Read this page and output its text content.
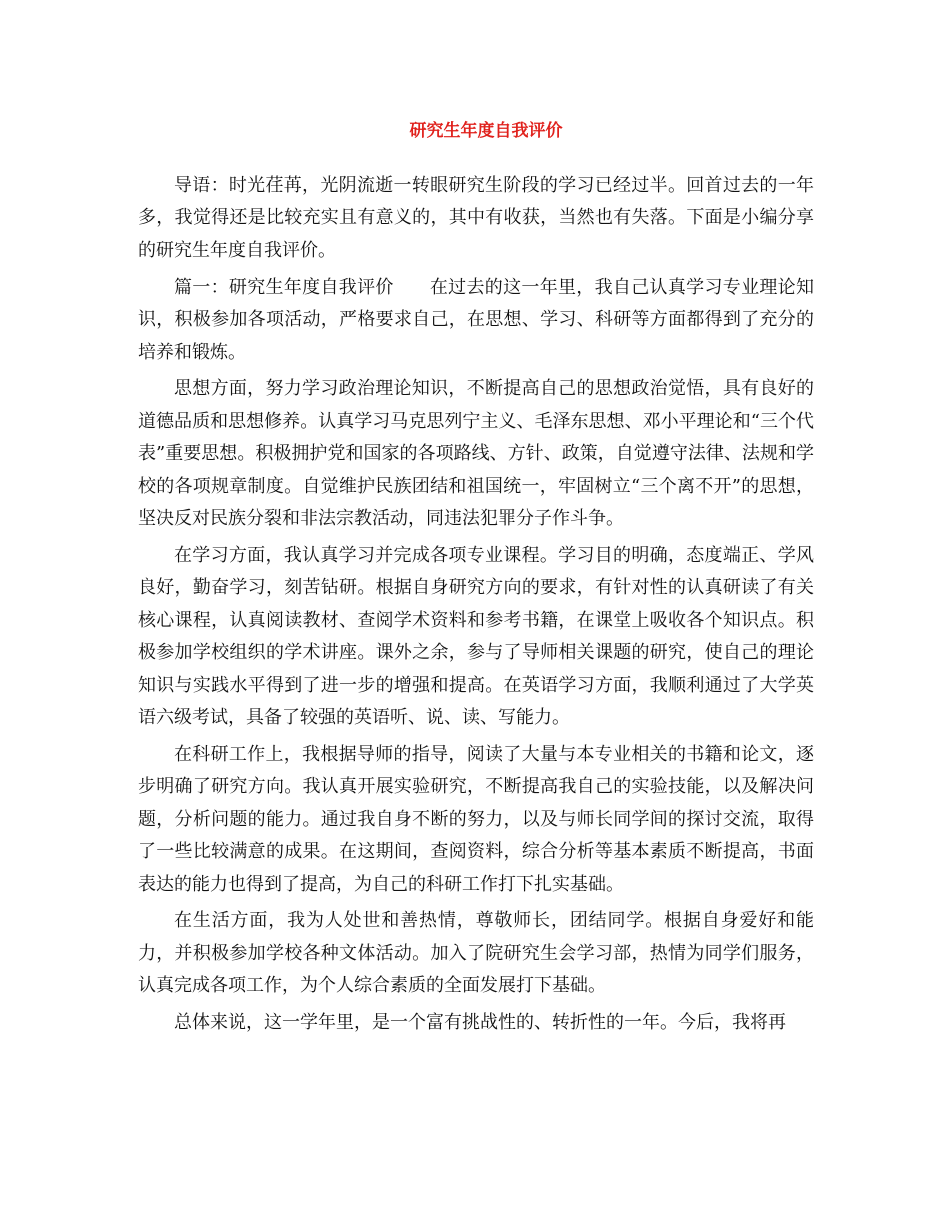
研究生年度自我评价

导语：时光荏苒，光阴流逝一转眼研究生阶段的学习已经过半。回首过去的一年多，我觉得还是比较充实且有意义的，其中有收获，当然也有失落。下面是小编分享的研究生年度自我评价。

篇一：研究生年度自我评价 在过去的这一年里，我自己认真学习专业理论知识，积极参加各项活动，严格要求自己，在思想、学习、科研等方面都得到了充分的培养和锻炼。

思想方面，努力学习政治理论知识，不断提高自己的思想政治觉悟，具有良好的道德品质和思想修养。认真学习马克思列宁主义、毛泽东思想、邓小平理论和“三个代表”重要思想。积极拥护党和国家的各项路线、方针、政策，自觉遵守法律、法规和学校的各项规章制度。自觉维护民族团结和祖国统一，牢固树立“三个离不开”的思想，坚决反对民族分裂和非法宗教活动，同违法犯罪分子作斗争。

在学习方面，我认真学习并完成各项专业课程。学习目的明确，态度端正、学风良好，勤奋学习，刻苦钻研。根据自身研究方向的要求，有针对性的认真研读了有关核心课程，认真阅读教材、查阅学术资料和参考书籍，在课堂上吸收各个知识点。积极参加学校组织的学术讲座。课外之余，参与了导师相关课题的研究，使自己的理论知识与实践水平得到了进一步的增强和提高。在英语学习方面，我顺利通过了大学英语六级考试，具备了较强的英语听、说、读、写能力。

在科研工作上，我根据导师的指导，阅读了大量与本专业相关的书籍和论文，逐步明确了研究方向。我认真开展实验研究，不断提高我自己的实验技能，以及解决问题，分析问题的能力。通过我自身不断的努力，以及与师长同学间的探讨交流，取得了一些比较满意的成果。在这期间，查阅资料，综合分析等基本素质不断提高，书面表达的能力也得到了提高，为自己的科研工作打下扎实基础。

在生活方面，我为人处世和善热情，尊敬师长，团结同学。根据自身爱好和能力，并积极参加学校各种文体活动。加入了院研究生会学习部，热情为同学们服务，认真完成各项工作，为个人综合素质的全面发展打下基础。

总体来说，这一学年里，是一个富有挑战性的、转折性的一年。今后，我将再
